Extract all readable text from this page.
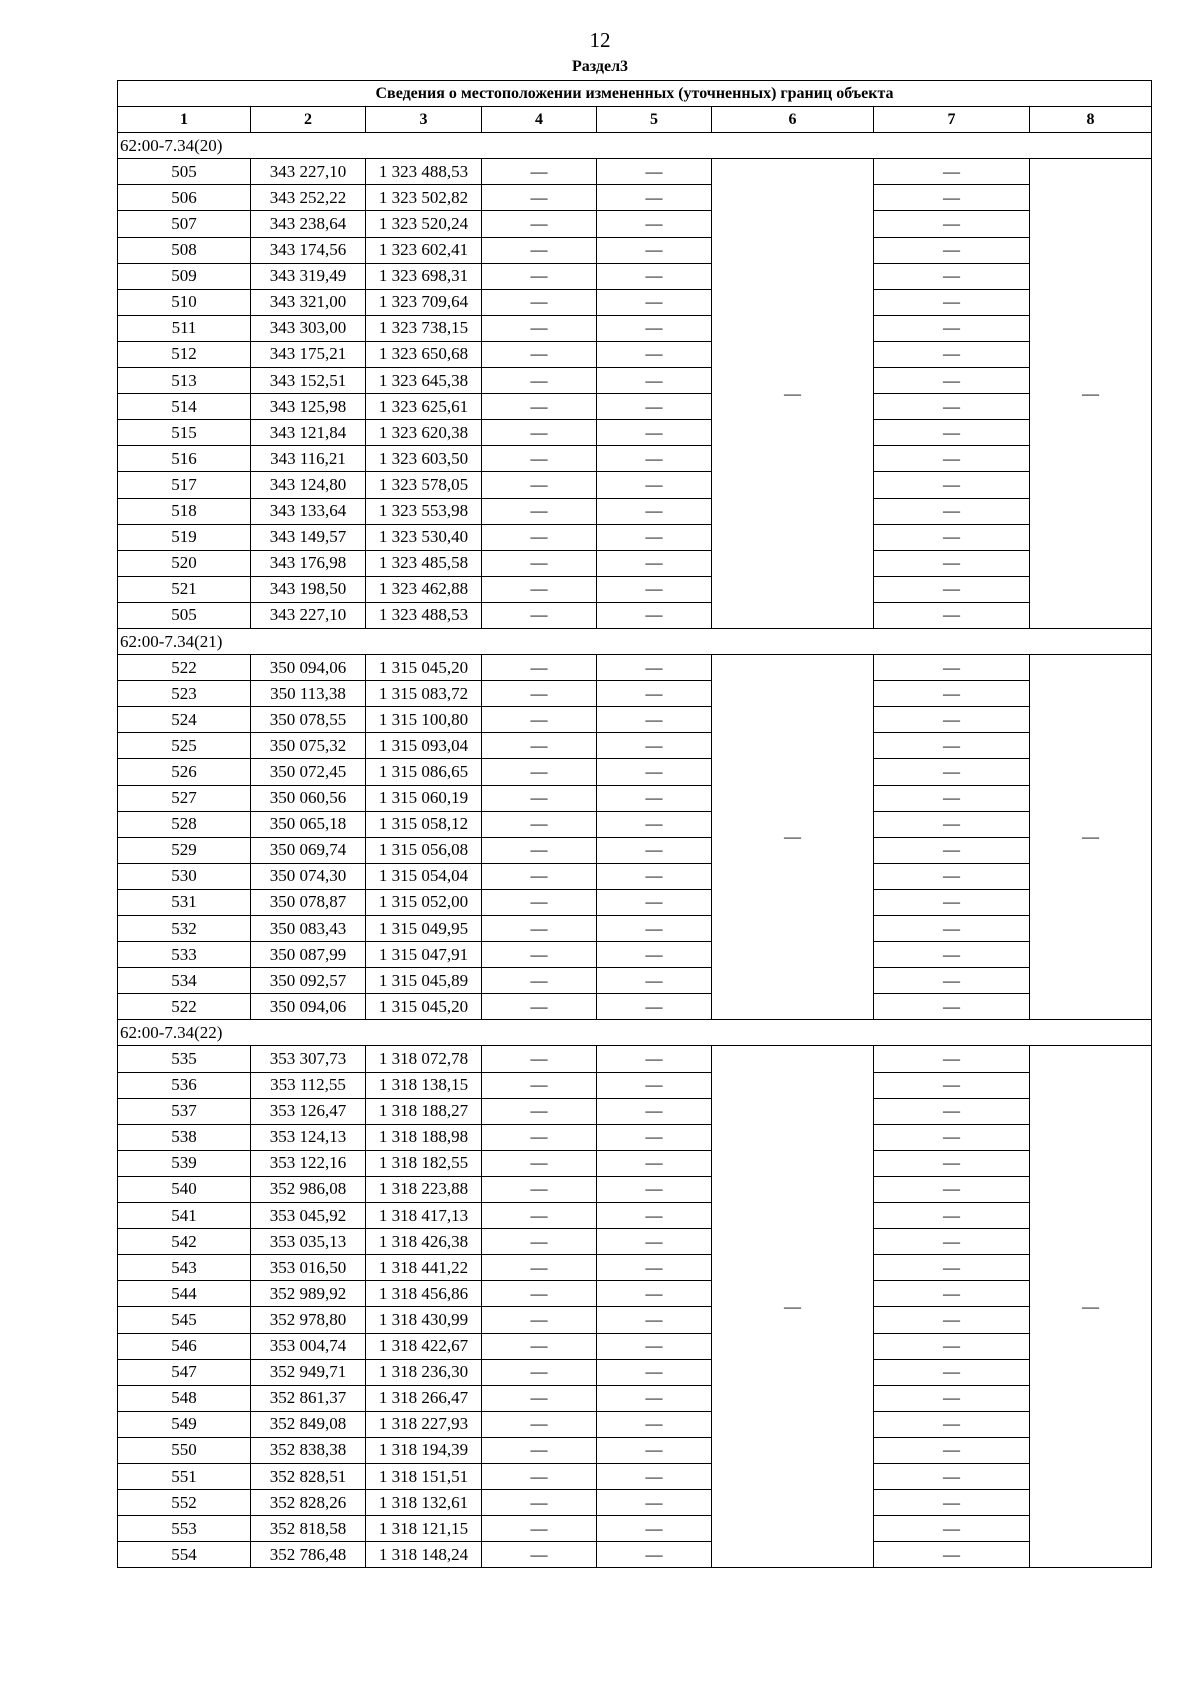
12
Раздел3
Сведения о местоположении измененных (уточненных) границ объекта							
1	2	3	4	5	6	7	8
62:00-7.34(20)							
505	343 227,10	1 323 488,53	—	—	—	—	—
506	343 252,22	1 323 502,82	—	—		—	
507	343 238,64	1 323 520,24	—	—		—	
508	343 174,56	1 323 602,41	—	—		—	
509	343 319,49	1 323 698,31	—	—		—	
510	343 321,00	1 323 709,64	—	—		—	
511	343 303,00	1 323 738,15	—	—		—	
512	343 175,21	1 323 650,68	—	—		—	
513	343 152,51	1 323 645,38	—	—		—	
514	343 125,98	1 323 625,61	—	—		—	
515	343 121,84	1 323 620,38	—	—		—	
516	343 116,21	1 323 603,50	—	—		—	
517	343 124,80	1 323 578,05	—	—		—	
518	343 133,64	1 323 553,98	—	—		—	
519	343 149,57	1 323 530,40	—	—		—	
520	343 176,98	1 323 485,58	—	—		—	
521	343 198,50	1 323 462,88	—	—		—	
505	343 227,10	1 323 488,53	—	—		—	
62:00-7.34(21)							
522	350 094,06	1 315 045,20	—	—	—	—	—
523	350 113,38	1 315 083,72	—	—		—	
524	350 078,55	1 315 100,80	—	—		—	
525	350 075,32	1 315 093,04	—	—		—	
526	350 072,45	1 315 086,65	—	—		—	
527	350 060,56	1 315 060,19	—	—		—	
528	350 065,18	1 315 058,12	—	—		—	
529	350 069,74	1 315 056,08	—	—		—	
530	350 074,30	1 315 054,04	—	—		—	
531	350 078,87	1 315 052,00	—	—		—	
532	350 083,43	1 315 049,95	—	—		—	
533	350 087,99	1 315 047,91	—	—		—	
534	350 092,57	1 315 045,89	—	—		—	
522	350 094,06	1 315 045,20	—	—		—	
62:00-7.34(22)							
535	353 307,73	1 318 072,78	—	—	—	—	—
536	353 112,55	1 318 138,15	—	—		—	
537	353 126,47	1 318 188,27	—	—		—	
538	353 124,13	1 318 188,98	—	—		—	
539	353 122,16	1 318 182,55	—	—		—	
540	352 986,08	1 318 223,88	—	—		—	
541	353 045,92	1 318 417,13	—	—		—	
542	353 035,13	1 318 426,38	—	—		—	
543	353 016,50	1 318 441,22	—	—		—	
544	352 989,92	1 318 456,86	—	—		—	
545	352 978,80	1 318 430,99	—	—		—	
546	353 004,74	1 318 422,67	—	—		—	
547	352 949,71	1 318 236,30	—	—		—	
548	352 861,37	1 318 266,47	—	—		—	
549	352 849,08	1 318 227,93	—	—		—	
550	352 838,38	1 318 194,39	—	—		—	
551	352 828,51	1 318 151,51	—	—		—	
552	352 828,26	1 318 132,61	—	—		—	
553	352 818,58	1 318 121,15	—	—		—	
554	352 786,48	1 318 148,24	—	—		—	
